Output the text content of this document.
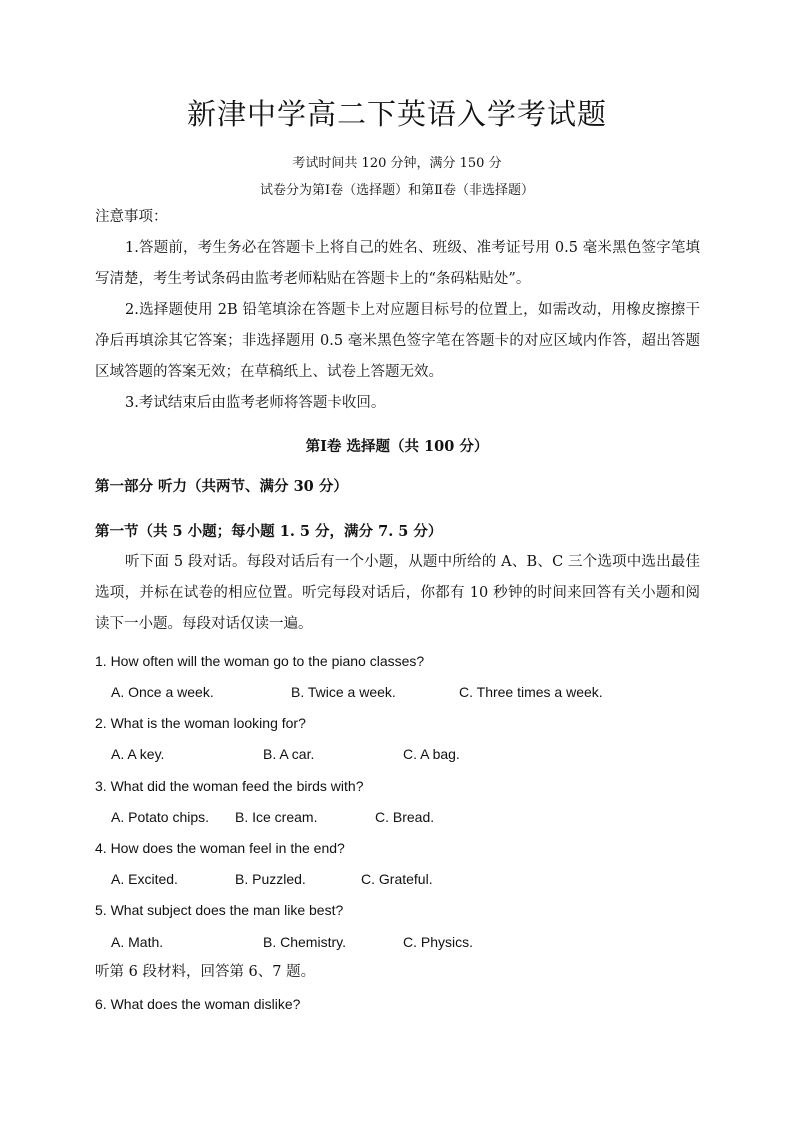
新津中学高二下英语入学考试题
考试时间共 120 分钟，满分 150 分
试卷分为第Ⅰ卷（选择题）和第Ⅱ卷（非选择题）
注意事项：
1.答题前，考生务必在答题卡上将自己的姓名、班级、准考证号用 0.5 毫米黑色签字笔填写清楚，考生考试条码由监考老师粘贴在答题卡上的“条码粘贴处”。
2.选择题使用 2B 铅笔填涂在答题卡上对应题目标号的位置上，如需改动，用橡皮擦擦干净后再填涂其它答案；非选择题用 0.5 毫米黑色签字笔在答题卡的对应区域内作答，超出答题区域答题的答案无效；在草稿纸上、试卷上答题无效。
3.考试结束后由监考老师将答题卡收回。
第Ⅰ卷 选择题（共 100 分）
第一部分 听力（共两节、满分 30 分）
第一节（共 5 小题；每小题 1. 5 分，满分 7. 5 分）
听下面 5 段对话。每段对话后有一个小题，从题中所给的 A、B、C 三个选项中选出最佳选项，并标在试卷的相应位置。听完每段对话后，你都有 10 秒钟的时间来回答有关小题和阅读下一小题。每段对话仅读一遍。
1. How often will the woman go to the piano classes?
A. Once a week.	B. Twice a week.	C. Three times a week.
2. What is the woman looking for?
A. A key.	B. A car.	C. A bag.
3. What did the woman feed the birds with?
A. Potato chips. B. Ice cream.	C. Bread.
4. How does the woman feel in the end?
A. Excited.	B. Puzzled.	C. Grateful.
5. What subject does the man like best?
A. Math.	B. Chemistry.	C. Physics.
听第 6 段材料，回答第 6、7 题。
6. What does the woman dislike?
